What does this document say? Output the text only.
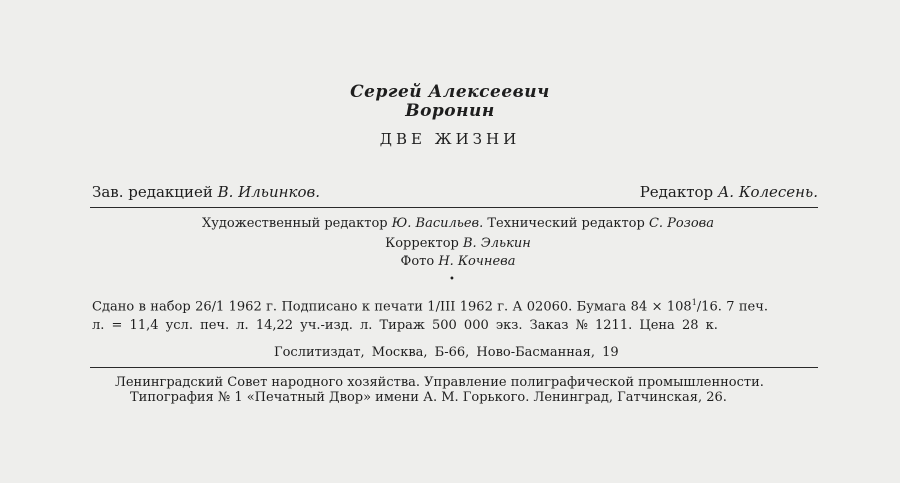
Сергей Алексеевич
Воронин
ДВЕ ЖИЗНИ
Зав. редакцией В. Ильинков.	Редактор А. Колесень.
Художественный редактор Ю. Васильев. Технический редактор С. Розова
Корректор В. Элькин
Фото Н. Кочнева
•
Сдано в набор 26/1 1962 г. Подписано к печати 1/III 1962 г. А 02060. Бумага $84 \times 108^1/16$. 7 печ.
л. = 11,4 усл. печ. л. 14,22 уч.-изд. л. Тираж 500 000 экз. Заказ № 1211. Цена 28 к.
Гослитиздат, Москва, Б-66, Ново-Басманная, 19
Ленинградский Совет народного хозяйства. Управление полиграфической промышленности.
Типография № 1 «Печатный Двор» имени А. М. Горького. Ленинград, Гатчинская, 26.
